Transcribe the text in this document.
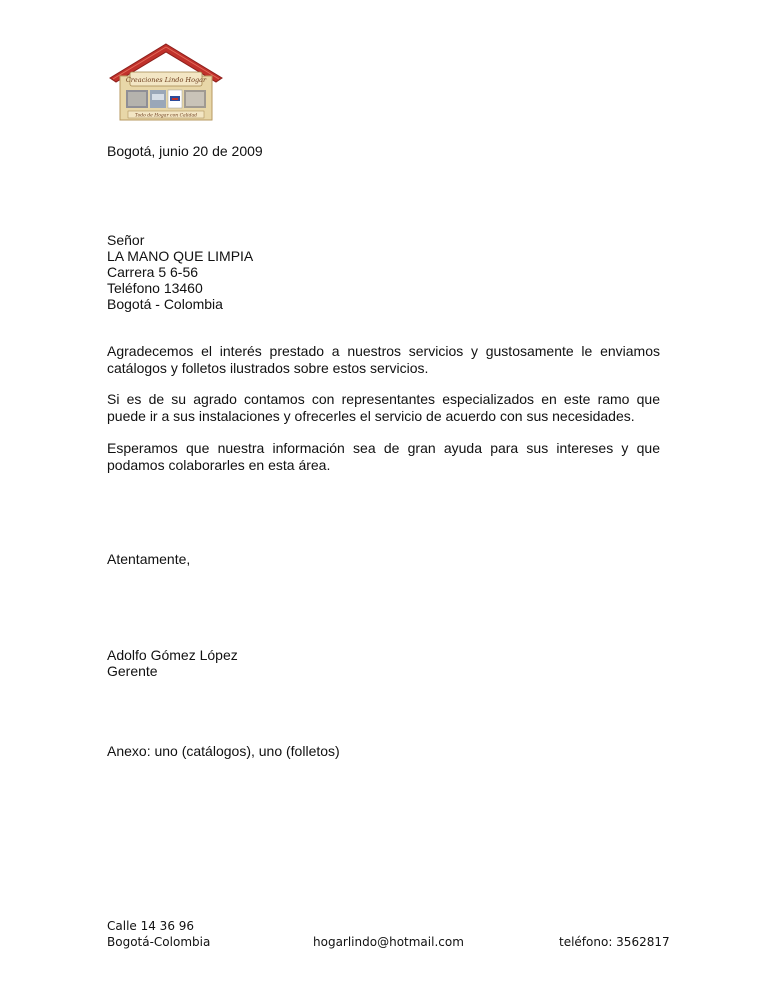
Creaciones Lindo Hogar
Todo de Hogar con Calidad
Bogotá, junio 20 de 2009
Señor
LA MANO QUE LIMPIA
Carrera 5 6-56
Teléfono 13460
Bogotá - Colombia
Agradecemos el interés prestado a nuestros servicios y gustosamente le enviamos catálogos y folletos ilustrados sobre estos servicios.
Si es de su agrado contamos con representantes especializados en este ramo que puede ir a sus instalaciones y ofrecerles el servicio de acuerdo con sus necesidades.
Esperamos que nuestra información sea de gran ayuda para sus intereses y que podamos colaborarles en esta área.
Atentamente,
Adolfo Gómez López
Gerente
Anexo: uno (catálogos), uno (folletos)
Calle 14 36 96
Bogotá-Colombia	hogarlindo@hotmail.com	teléfono: 3562817
